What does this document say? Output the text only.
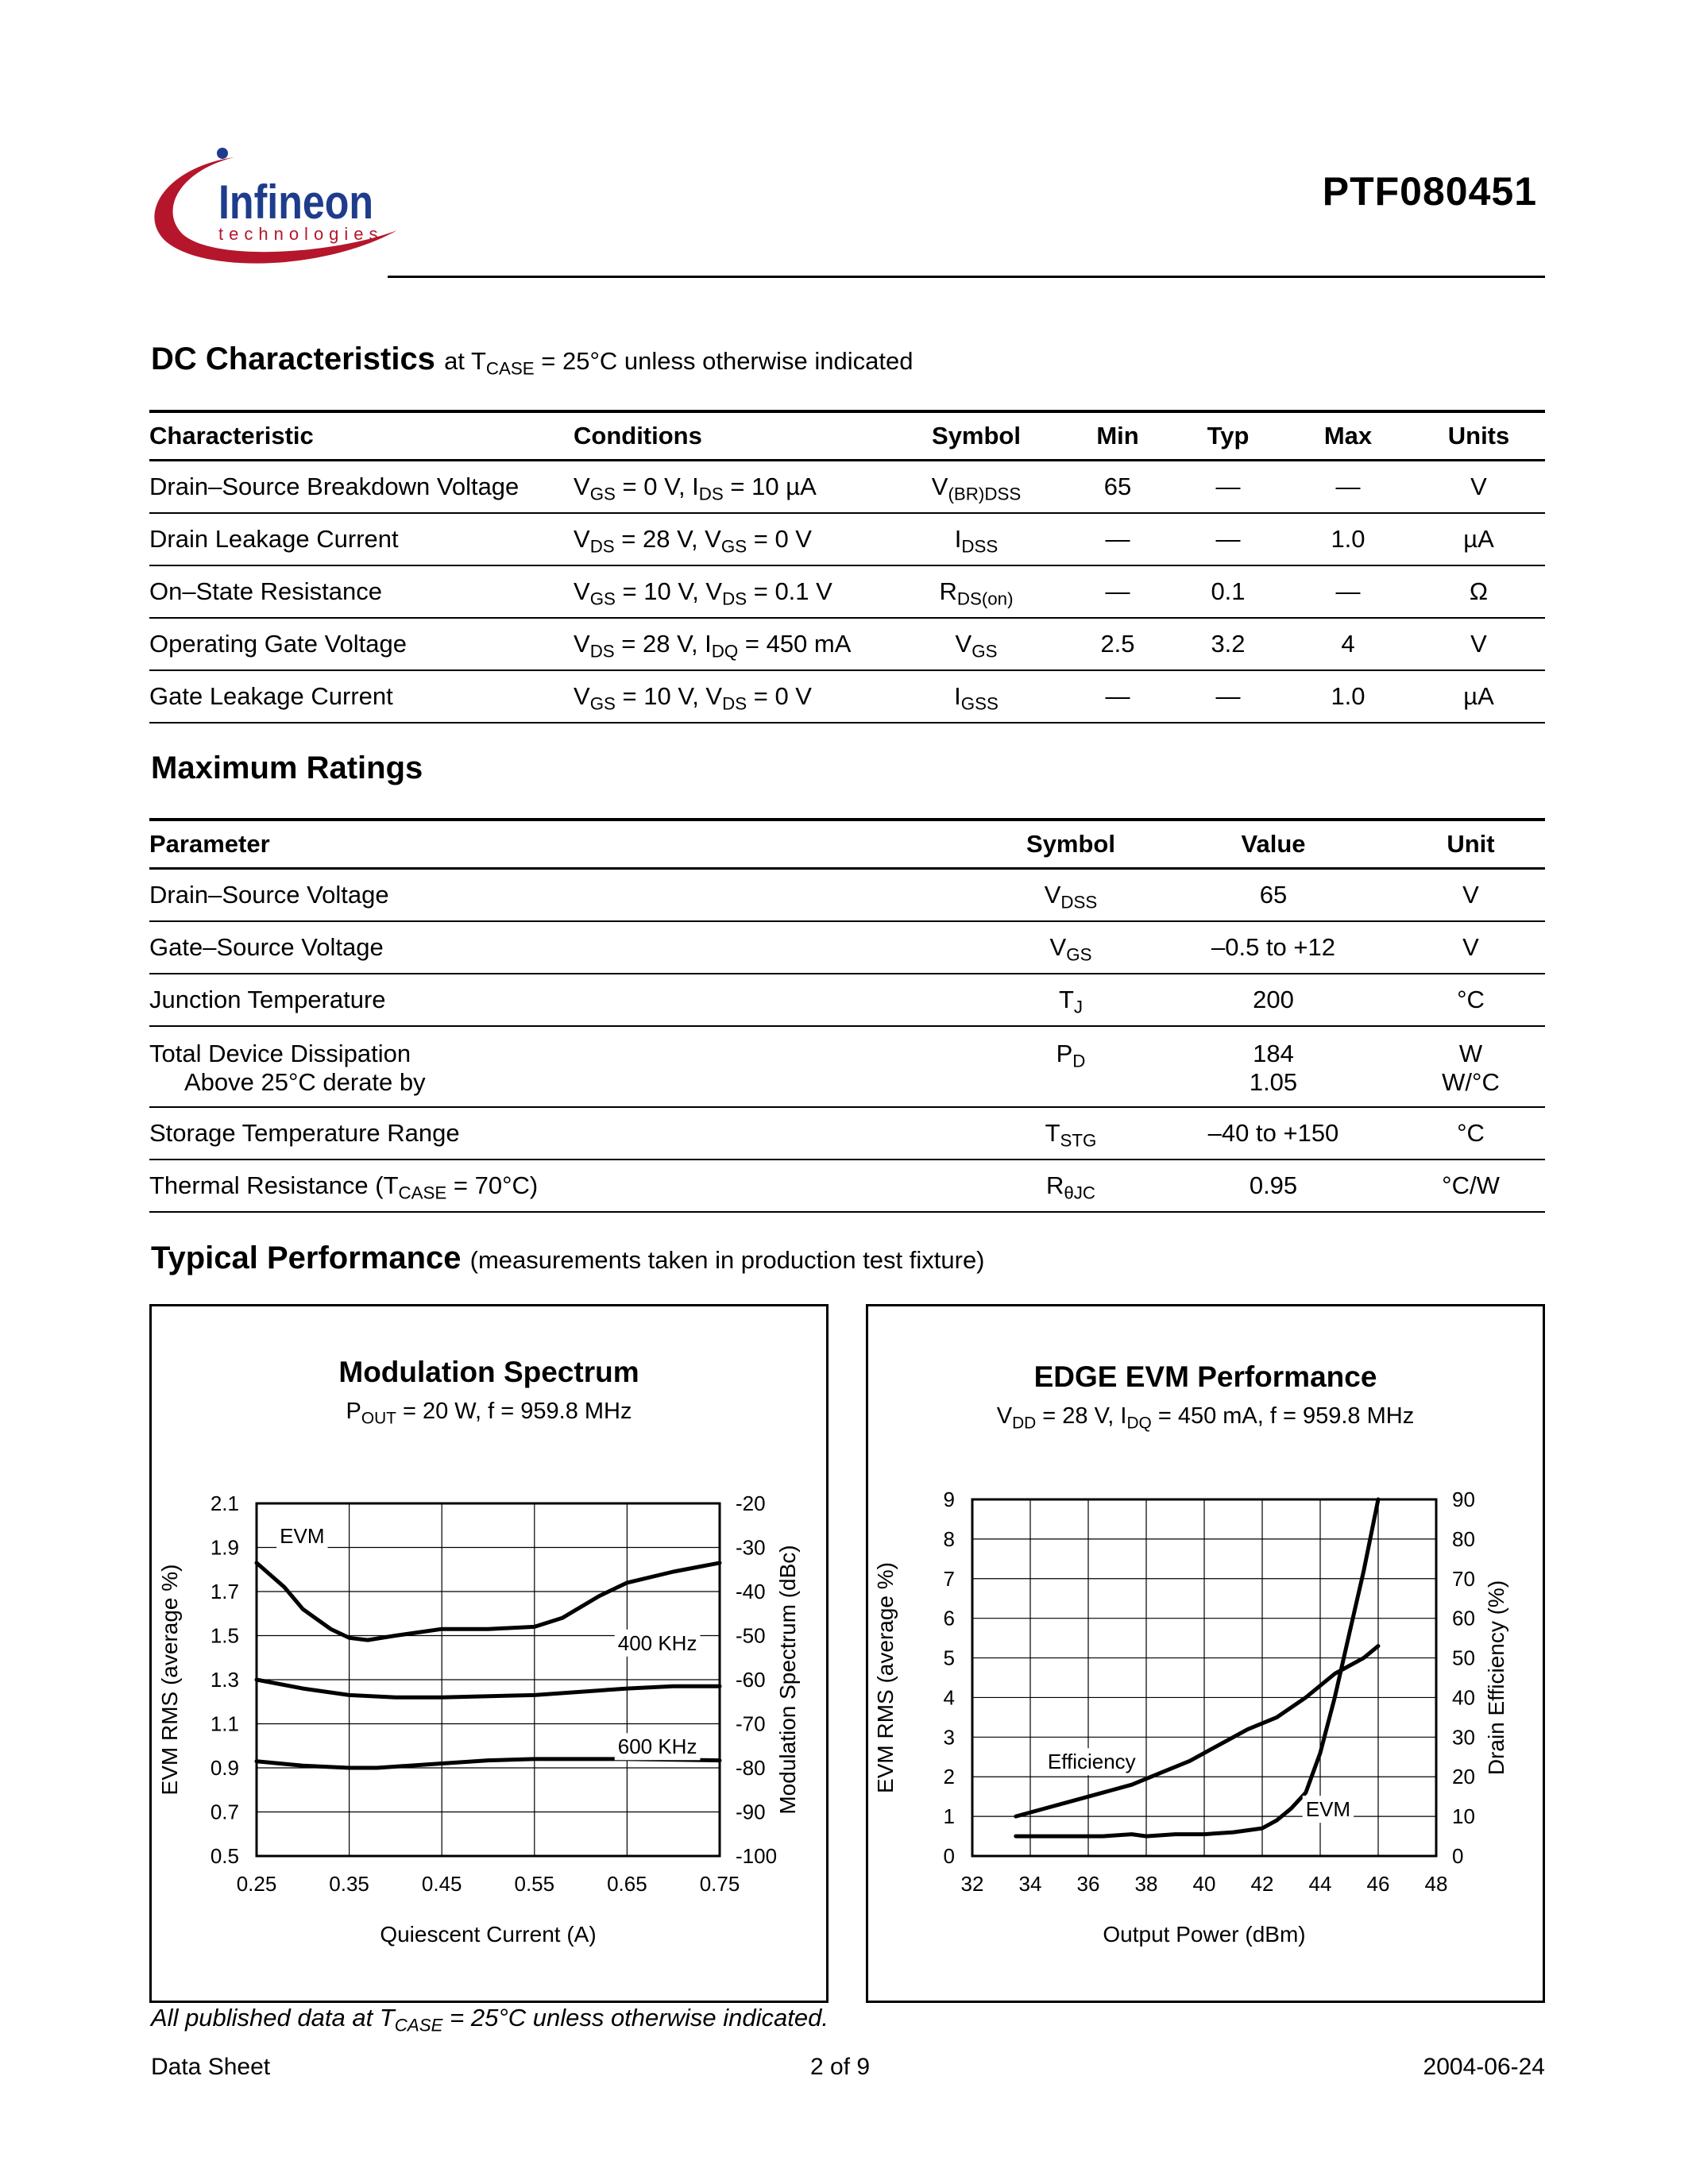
Infineon
technologies
PTF080451
DC Characteristics at $T_{CASE} = 25^\circ C$ unless otherwise indicated
Characteristic	Conditions	Symbol	Min	Typ	Max	Units
Drain–Source Breakdown Voltage	$V_{GS} = 0$ V, $I_{DS} = 10$ µA	$V_{(BR)DSS}$	65	—	—	V
Drain Leakage Current	$V_{DS} = 28$ V, $V_{GS} = 0$ V	$I_{DSS}$	—	—	1.0	µA
On–State Resistance	$V_{GS} = 10$ V, $V_{DS} = 0.1$ V	$R_{DS(on)}$	—	0.1	—	Ω
Operating Gate Voltage	$V_{DS} = 28$ V, $I_{DQ} = 450$ mA	$V_{GS}$	2.5	3.2	4	V
Gate Leakage Current	$V_{GS} = 10$ V, $V_{DS} = 0$ V	$I_{GSS}$	—	—	1.0	µA
Maximum Ratings
Parameter	Symbol	Value	Unit
Drain–Source Voltage	$V_{DSS}$	65	V
Gate–Source Voltage	$V_{GS}$	–0.5 to +12	V
Junction Temperature	$T_J$	200	°C
Total Device Dissipation	$P_D$	184	W
Above 25°C derate by		1.05	W/°C
Storage Temperature Range	$T_{STG}$	–40 to +150	°C
Thermal Resistance $(T_{CASE} = 70^\circ C)$	$R_{\theta JC}$	0.95	°C/W
Typical Performance (measurements taken in production test fixture)
Modulation Spectrum
$P_{OUT} = 20$ W, f = 959.8 MHz
0.25	0.35	0.45	0.55	0.65	0.75
0.5	-100
0.7	-90
0.9	-80
1.1	-70
1.3	-60
1.5	-50
1.7	-40
1.9	-30
2.1	-20
Quiescent Current (A)
EVM RMS (average %)	Modulation Spectrum (dBc)
EVM
400 KHz
600 KHz
EDGE EVM Performance
$V_{DD} = 28$ V, $I_{DQ} = 450$ mA, f = 959.8 MHz
32 34 36 38 40 42 44 46 48
0	0
1	10
2	20
3	30
4	40
5	50
6	60
7	70
8	80
9	90
Output Power (dBm)
EVM RMS (average %)	Drain Efficiency (%)
Efficiency
EVM
All published data at $T_{CASE} = 25^\circ C$ unless otherwise indicated.
Data Sheet	2 of 9	2004-06-24
